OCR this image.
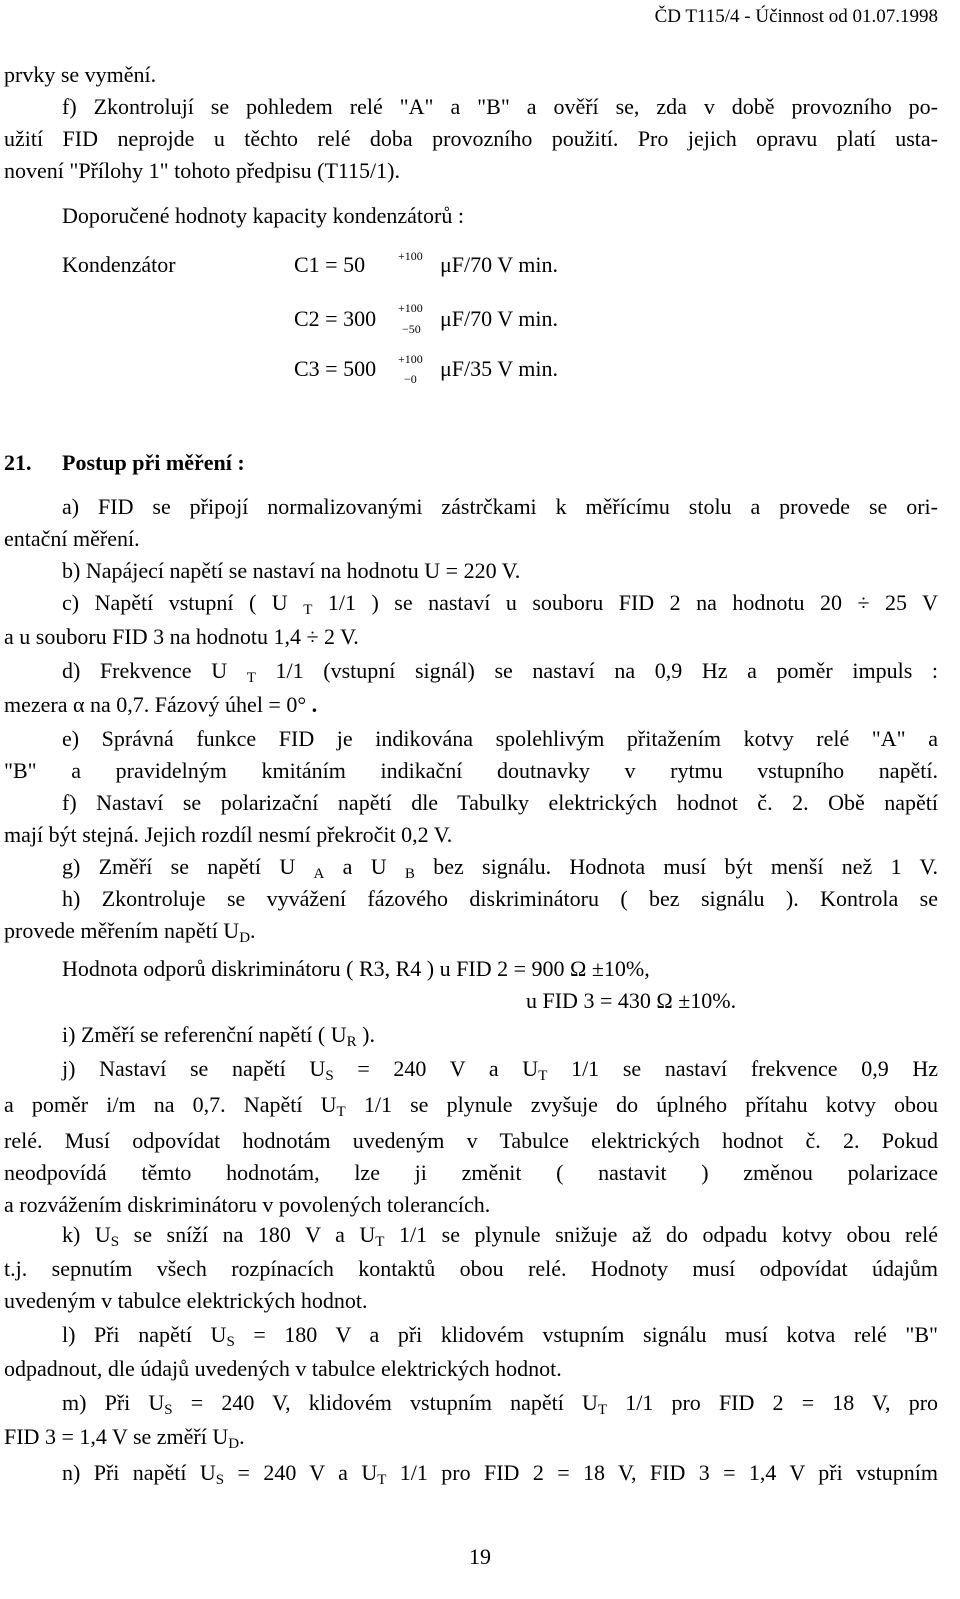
ČD T115/4 - Účinnost od 01.07.1998
prvky se vymění.
f) Zkontrolují se pohledem relé "A" a "B" a ověří se, zda v době provozního po-
užití FID neprojde u těchto relé doba provozního použití. Pro jejich opravu platí usta-
novení "Přílohy 1" tohoto předpisu (T115/1).
Doporučené hodnoty kapacity kondenzátorů :
Kondenzátor	C1 = 50	+100 μF/70 V min.
C2 = 300 +100
−50 μF/70 V min.
C3 = 500 +100
−0 μF/35 V min.
21. Postup při měření :
a) FID se připojí normalizovanými zástrčkami k měřícímu stolu a provede se ori-
entační měření.
b) Napájecí napětí se nastaví na hodnotu U = 220 V.
c) Napětí vstupní ( U $_T$ 1/1 ) se nastaví u souboru FID 2 na hodnotu 20 ÷ 25 V
a u souboru FID 3 na hodnotu 1,4 ÷ 2 V.
d) Frekvence U $_T$ 1/1 (vstupní signál) se nastaví na 0,9 Hz a poměr impuls :
mezera α na 0,7. Fázový úhel = 0° .
e) Správná funkce FID je indikována spolehlivým přitažením kotvy relé "A" a
"B" a pravidelným kmitáním indikační doutnavky v rytmu vstupního napětí.
f) Nastaví se polarizační napětí dle Tabulky elektrických hodnot č. 2. Obě napětí
mají být stejná. Jejich rozdíl nesmí překročit 0,2 V.
g) Změří se napětí U $_A$ a U $_B$ bez signálu. Hodnota musí být menší než 1 V.
h) Zkontroluje se vyvážení fázového diskriminátoru ( bez signálu ). Kontrola se
provede měřením napětí $U_D$.
Hodnota odporů diskriminátoru ( R3, R4 ) u FID 2 = 900 Ω ±10%,
u FID 3 = 430 Ω ±10%.
i) Změří se referenční napětí ( $U_R$ ).
j) Nastaví se napětí $U_S = 240$ V a $U_T$ 1/1 se nastaví frekvence 0,9 Hz
a poměr i/m na 0,7. Napětí $U_T$ 1/1 se plynule zvyšuje do úplného přítahu kotvy obou
relé. Musí odpovídat hodnotám uvedeným v Tabulce elektrických hodnot č. 2. Pokud
neodpovídá těmto hodnotám, lze ji změnit ( nastavit ) změnou polarizace
a rozvážením diskriminátoru v povolených tolerancích.
k) $U_S$ se sníží na 180 V a $U_T$ 1/1 se plynule snižuje až do odpadu kotvy obou relé
t.j. sepnutím všech rozpínacích kontaktů obou relé. Hodnoty musí odpovídat údajům
uvedeným v tabulce elektrických hodnot.
l) Při napětí $U_S = 180$ V a při klidovém vstupním signálu musí kotva relé "B"
odpadnout, dle údajů uvedených v tabulce elektrických hodnot.
m) Při $U_S = 240$ V, klidovém vstupním napětí $U_T$ 1/1 pro FID 2 = 18 V, pro
FID 3 = 1,4 V se změří $U_D$.
n) Při napětí $U_S = 240$ V a $U_T$ 1/1 pro FID 2 = 18 V, FID 3 = 1,4 V při vstupním
19
